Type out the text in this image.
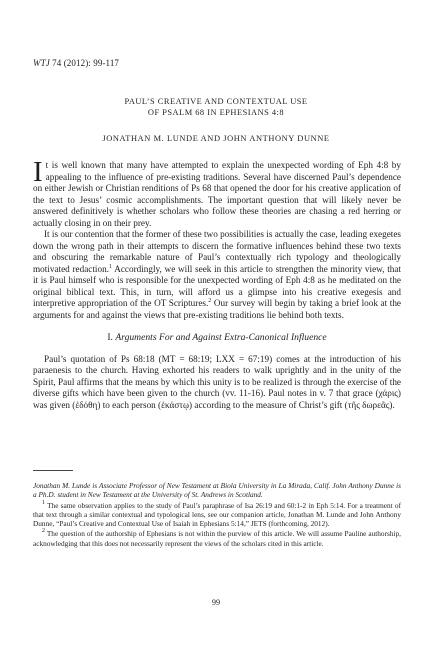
WTJ 74 (2012): 99-117
PAUL’S CREATIVE AND CONTEXTUAL USE
OF PSALM 68 IN EPHESIANS 4:8
JONATHAN M. LUNDE AND JOHN ANTHONY DUNNE

It is well known that many have attempted to explain the unexpected wording of Eph 4:8 by appealing to the influence of pre-existing traditions. Several have discerned Paul’s dependence on either Jewish or Christian renditions of Ps 68 that opened the door for his creative application of the text to Jesus’ cosmic accomplishments. The important question that will likely never be answered definitively is whether scholars who follow these theories are chasing a red herring or actually closing in on their prey.

It is our contention that the former of these two possibilities is actually the case, leading exegetes down the wrong path in their attempts to discern the formative influences behind these two texts and obscuring the remarkable nature of Paul’s contextually rich typology and theologically motivated redaction.$^1$ Accordingly, we will seek in this article to strengthen the minority view, that it is Paul himself who is responsible for the unexpected wording of Eph 4:8 as he meditated on the original biblical text. This, in turn, will afford us a glimpse into his creative exegesis and interpretive appropriation of the OT Scriptures.$^2$ Our survey will begin by taking a brief look at the arguments for and against the views that pre-existing traditions lie behind both texts.

I. Arguments For and Against Extra-Canonical Influence

Paul’s quotation of Ps 68:18 (MT = 68:19; LXX = 67:19) comes at the introduction of his paraenesis to the church. Having exhorted his readers to walk uprightly and in the unity of the Spirit, Paul affirms that the means by which this unity is to be realized is through the exercise of the diverse gifts which have been given to the church (vv. 11-16). Paul notes in v. 7 that grace (χάρις) was given (ἐδόθη) to each person (ἑκάστῳ) according to the measure of Christ’s gift (τῆς δωρεᾶς).

Jonathan M. Lunde is Associate Professor of New Testament at Biola University in La Mirada, Calif. John Anthony Dunne is a Ph.D. student in New Testament at the University of St. Andrews in Scotland.

$^1$ The same observation applies to the study of Paul’s paraphrase of Isa 26:19 and 60:1-2 in Eph 5:14. For a treatment of that text through a similar contextual and typological lens, see our companion article, Jonathan M. Lunde and John Anthony Dunne, “Paul’s Creative and Contextual Use of Isaiah in Ephesians 5:14,” JETS (forthcoming, 2012).

$^2$ The question of the authorship of Ephesians is not within the purview of this article. We will assume Pauline authorship, acknowledging that this does not necessarily represent the views of the scholars cited in this article.

99
